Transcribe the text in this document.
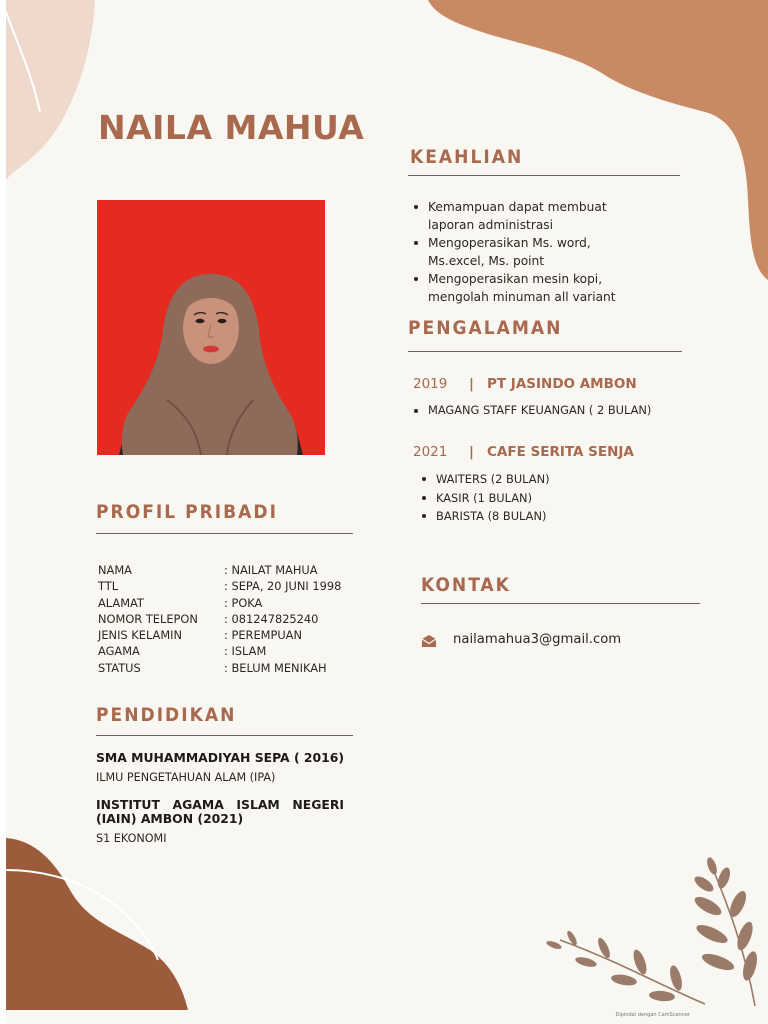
NAILA MAHUA
KEAHLIAN
Kemampuan dapat membuat
laporan administrasi
Mengoperasikan Ms. word,
Ms.excel, Ms. point
Mengoperasikan mesin kopi,
mengolah minuman all variant
PENGALAMAN
2019 | PT JASINDO AMBON
MAGANG STAFF KEUANGAN ( 2 BULAN)
2021 | CAFE SERITA SENJA
WAITERS (2 BULAN)
KASIR (1 BULAN)
BARISTA (8 BULAN)
PROFIL PRIBADI
NAMA	: NAILAT MAHUA
TTL	: SEPA, 20 JUNI 1998
ALAMAT	: POKA
NOMOR TELEPON : 081247825240
JENIS KELAMIN	: PEREMPUAN
AGAMA	: ISLAM
STATUS	: BELUM MENIKAH
PENDIDIKAN
SMA MUHAMMADIYAH SEPA ( 2016)
ILMU PENGETAHUAN ALAM (IPA)
INSTITUT AGAMA ISLAM NEGERI (IAIN) AMBON (2021)
S1 EKONOMI
KONTAK
nailamahua3@gmail.com
Dipindai dengan CamScanner
